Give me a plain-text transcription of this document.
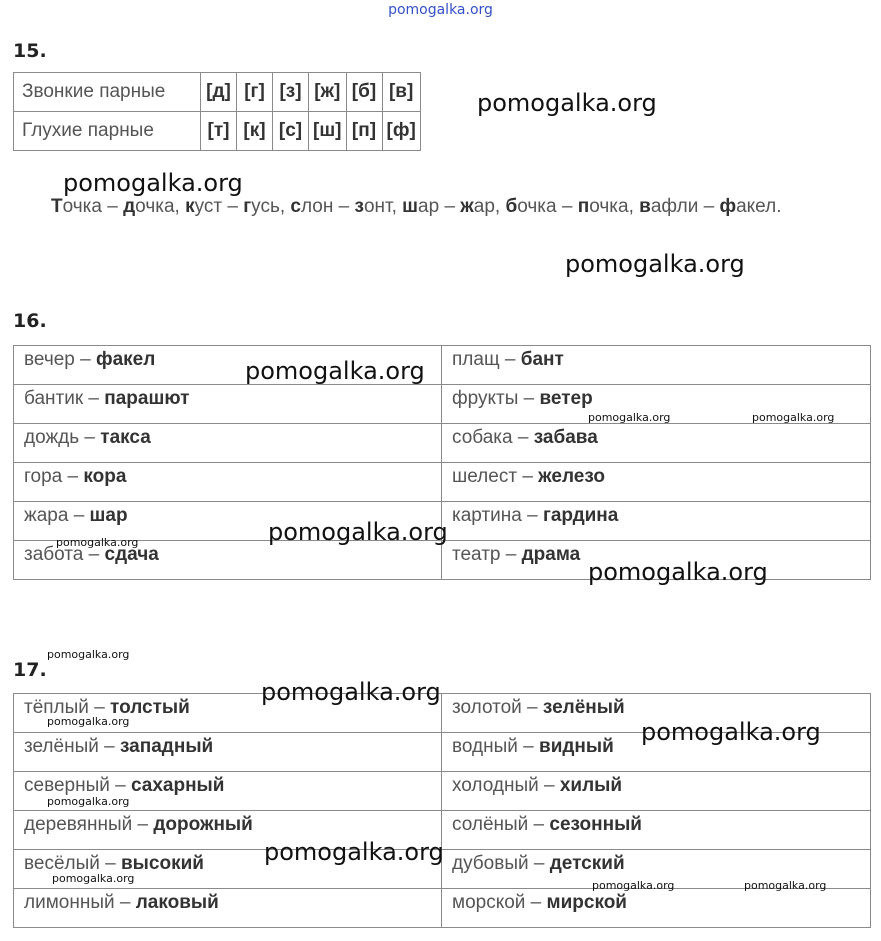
pomogalka.org
15.
Звонкие парные	[д]	[г]	[з]	[ж]	[б]	[в]
Глухие парные	[т]	[к]	[с]	[ш]	[п]	[ф]
Точка – дочка, куст – гусь, слон – зонт, шар – жар, бочка – почка, вафли – факел.
16.
вечер – факел	плащ – бант
бантик – парашют	фрукты – ветер
дождь – такса	собака – забава
гора – кора	шелест – железо
жара – шар	картина – гардина
забота – сдача	театр – драма
17.
тёплый – толстый	золотой – зелёный
зелёный – западный	водный – видный
северный – сахарный	холодный – хилый
деревянный – дорожный	солёный – сезонный
весёлый – высокий	дубовый – детский
лимонный – лаковый	морской – мирской
pomogalka.org
pomogalka.org
pomogalka.org
pomogalka.org
pomogalka.org	pomogalka.org
pomogalka.org
pomogalka.org
pomogalka.org
pomogalka.org
pomogalka.org
pomogalka.org	pomogalka.org
pomogalka.org
pomogalka.org
pomogalka.org
pomogalka.org	pomogalka.org
